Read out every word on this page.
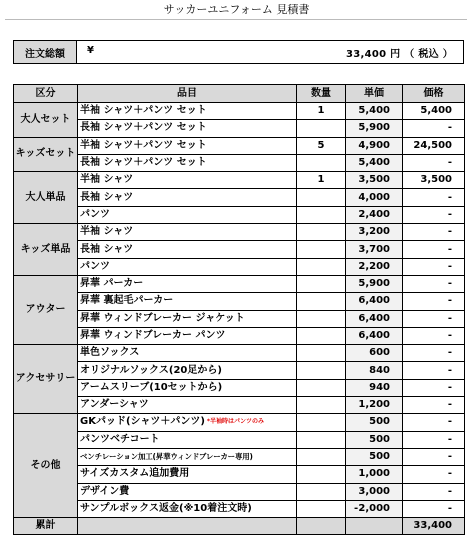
サッカーユニフォーム 見積書
注文総額	¥	33,400 円 （ 税込 ）
区分	品目	数量	単価	価格
大人セット	半袖 シャツ＋パンツ セット	1	5,400	5,400
	長袖 シャツ＋パンツ セット		5,900	-
キッズセット	半袖 シャツ＋パンツ セット	5	4,900	24,500
	長袖 シャツ＋パンツ セット		5,400	-
大人単品	半袖 シャツ	1	3,500	3,500
	長袖 シャツ		4,000	-
	パンツ		2,400	-
キッズ単品	半袖 シャツ		3,200	-
	長袖 シャツ		3,700	-
	パンツ		2,200	-
アウター	昇華 パーカー		5,900	-
	昇華 裏起毛パーカー		6,400	-
	昇華 ウィンドブレーカー ジャケット		6,400	-
	昇華 ウィンドブレーカー パンツ		6,400	-
アクセサリー	単色ソックス		600	-
	オリジナルソックス(20足から)		840	-
	アームスリーブ(10セットから)		940	-
	アンダーシャツ		1,200	-
その他	GKパッド(シャツ＋パンツ) *半袖時はパンツのみ		500	-
	パンツベチコート		500	-
	ベンチレーション加工(昇華ウィンドブレーカー専用)		500	-
	サイズカスタム追加費用		1,000	-
	デザイン費		3,000	-
	サンプルボックス返金(※10着注文時)		- 2,000	-
累計				33,400
